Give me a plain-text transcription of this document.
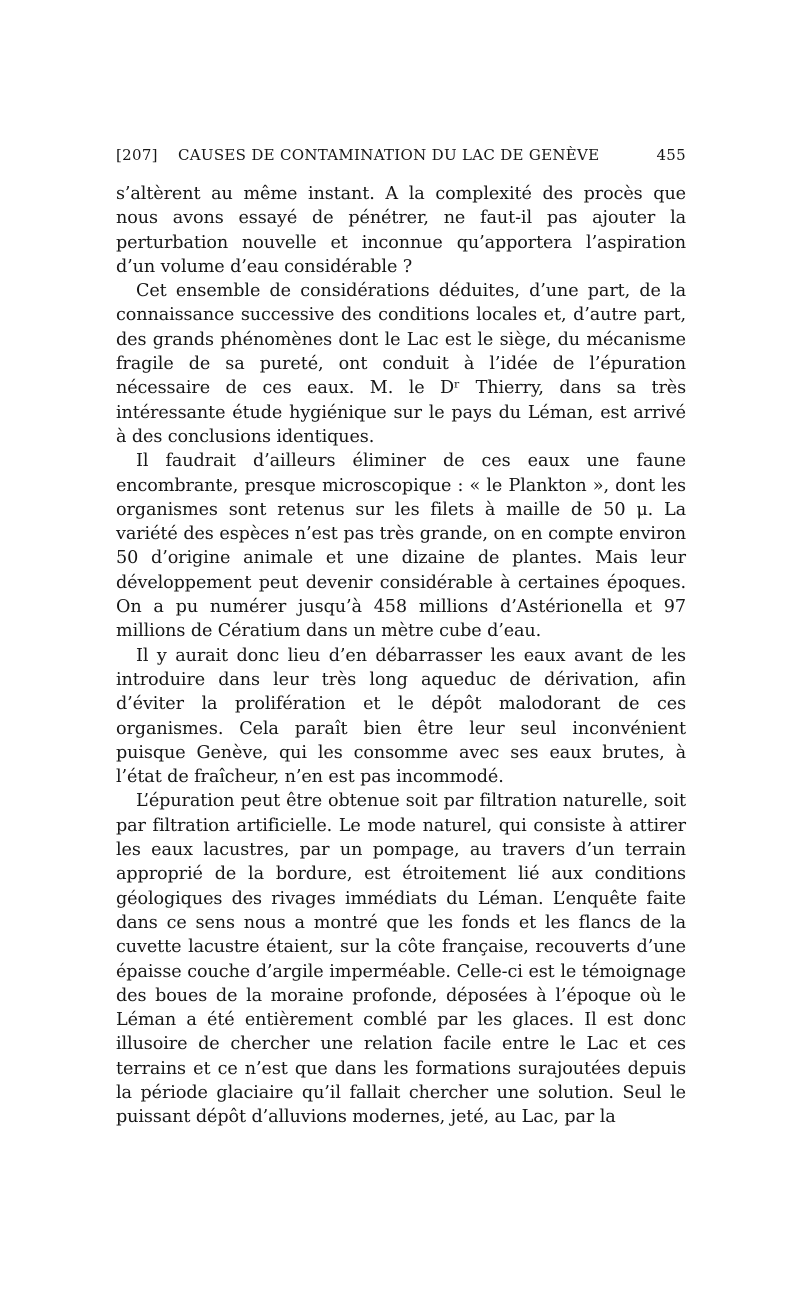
[207] CAUSES DE CONTAMINATION DU LAC DE GENÈVE	455

s’altèrent au même instant. A la complexité des procès que nous avons essayé de pénétrer, ne faut-il pas ajouter la perturbation nouvelle et inconnue qu’apportera l’aspiration d’un volume d’eau considérable ?

Cet ensemble de considérations déduites, d’une part, de la connaissance successive des conditions locales et, d’autre part, des grands phénomènes dont le Lac est le siège, du mécanisme fragile de sa pureté, ont conduit à l’idée de l’épuration nécessaire de ces eaux. M. le Dʳ Thierry, dans sa très intéressante étude hygiénique sur le pays du Léman, est arrivé à des conclusions identiques.

Il faudrait d’ailleurs éliminer de ces eaux une faune encombrante, presque microscopique : « le Plankton », dont les organismes sont retenus sur les filets à maille de 50 μ. La variété des espèces n’est pas très grande, on en compte environ 50 d’origine animale et une dizaine de plantes. Mais leur développement peut devenir considérable à certaines époques. On a pu numérer jusqu’à 458 millions d’Astérionella et 97 millions de Cératium dans un mètre cube d’eau.

Il y aurait donc lieu d’en débarrasser les eaux avant de les introduire dans leur très long aqueduc de dérivation, afin d’éviter la prolifération et le dépôt malodorant de ces organismes. Cela paraît bien être leur seul inconvénient puisque Genève, qui les consomme avec ses eaux brutes, à l’état de fraîcheur, n’en est pas incommodé.

L’épuration peut être obtenue soit par filtration naturelle, soit par filtration artificielle. Le mode naturel, qui consiste à attirer les eaux lacustres, par un pompage, au travers d’un terrain approprié de la bordure, est étroitement lié aux conditions géologiques des rivages immédiats du Léman. L’enquête faite dans ce sens nous a montré que les fonds et les flancs de la cuvette lacustre étaient, sur la côte française, recouverts d’une épaisse couche d’argile imperméable. Celle-ci est le témoignage des boues de la moraine profonde, déposées à l’époque où le Léman a été entièrement comblé par les glaces. Il est donc illusoire de chercher une relation facile entre le Lac et ces terrains et ce n’est que dans les formations surajoutées depuis la période glaciaire qu’il fallait chercher une solution. Seul le puissant dépôt d’alluvions modernes, jeté, au Lac, par la
